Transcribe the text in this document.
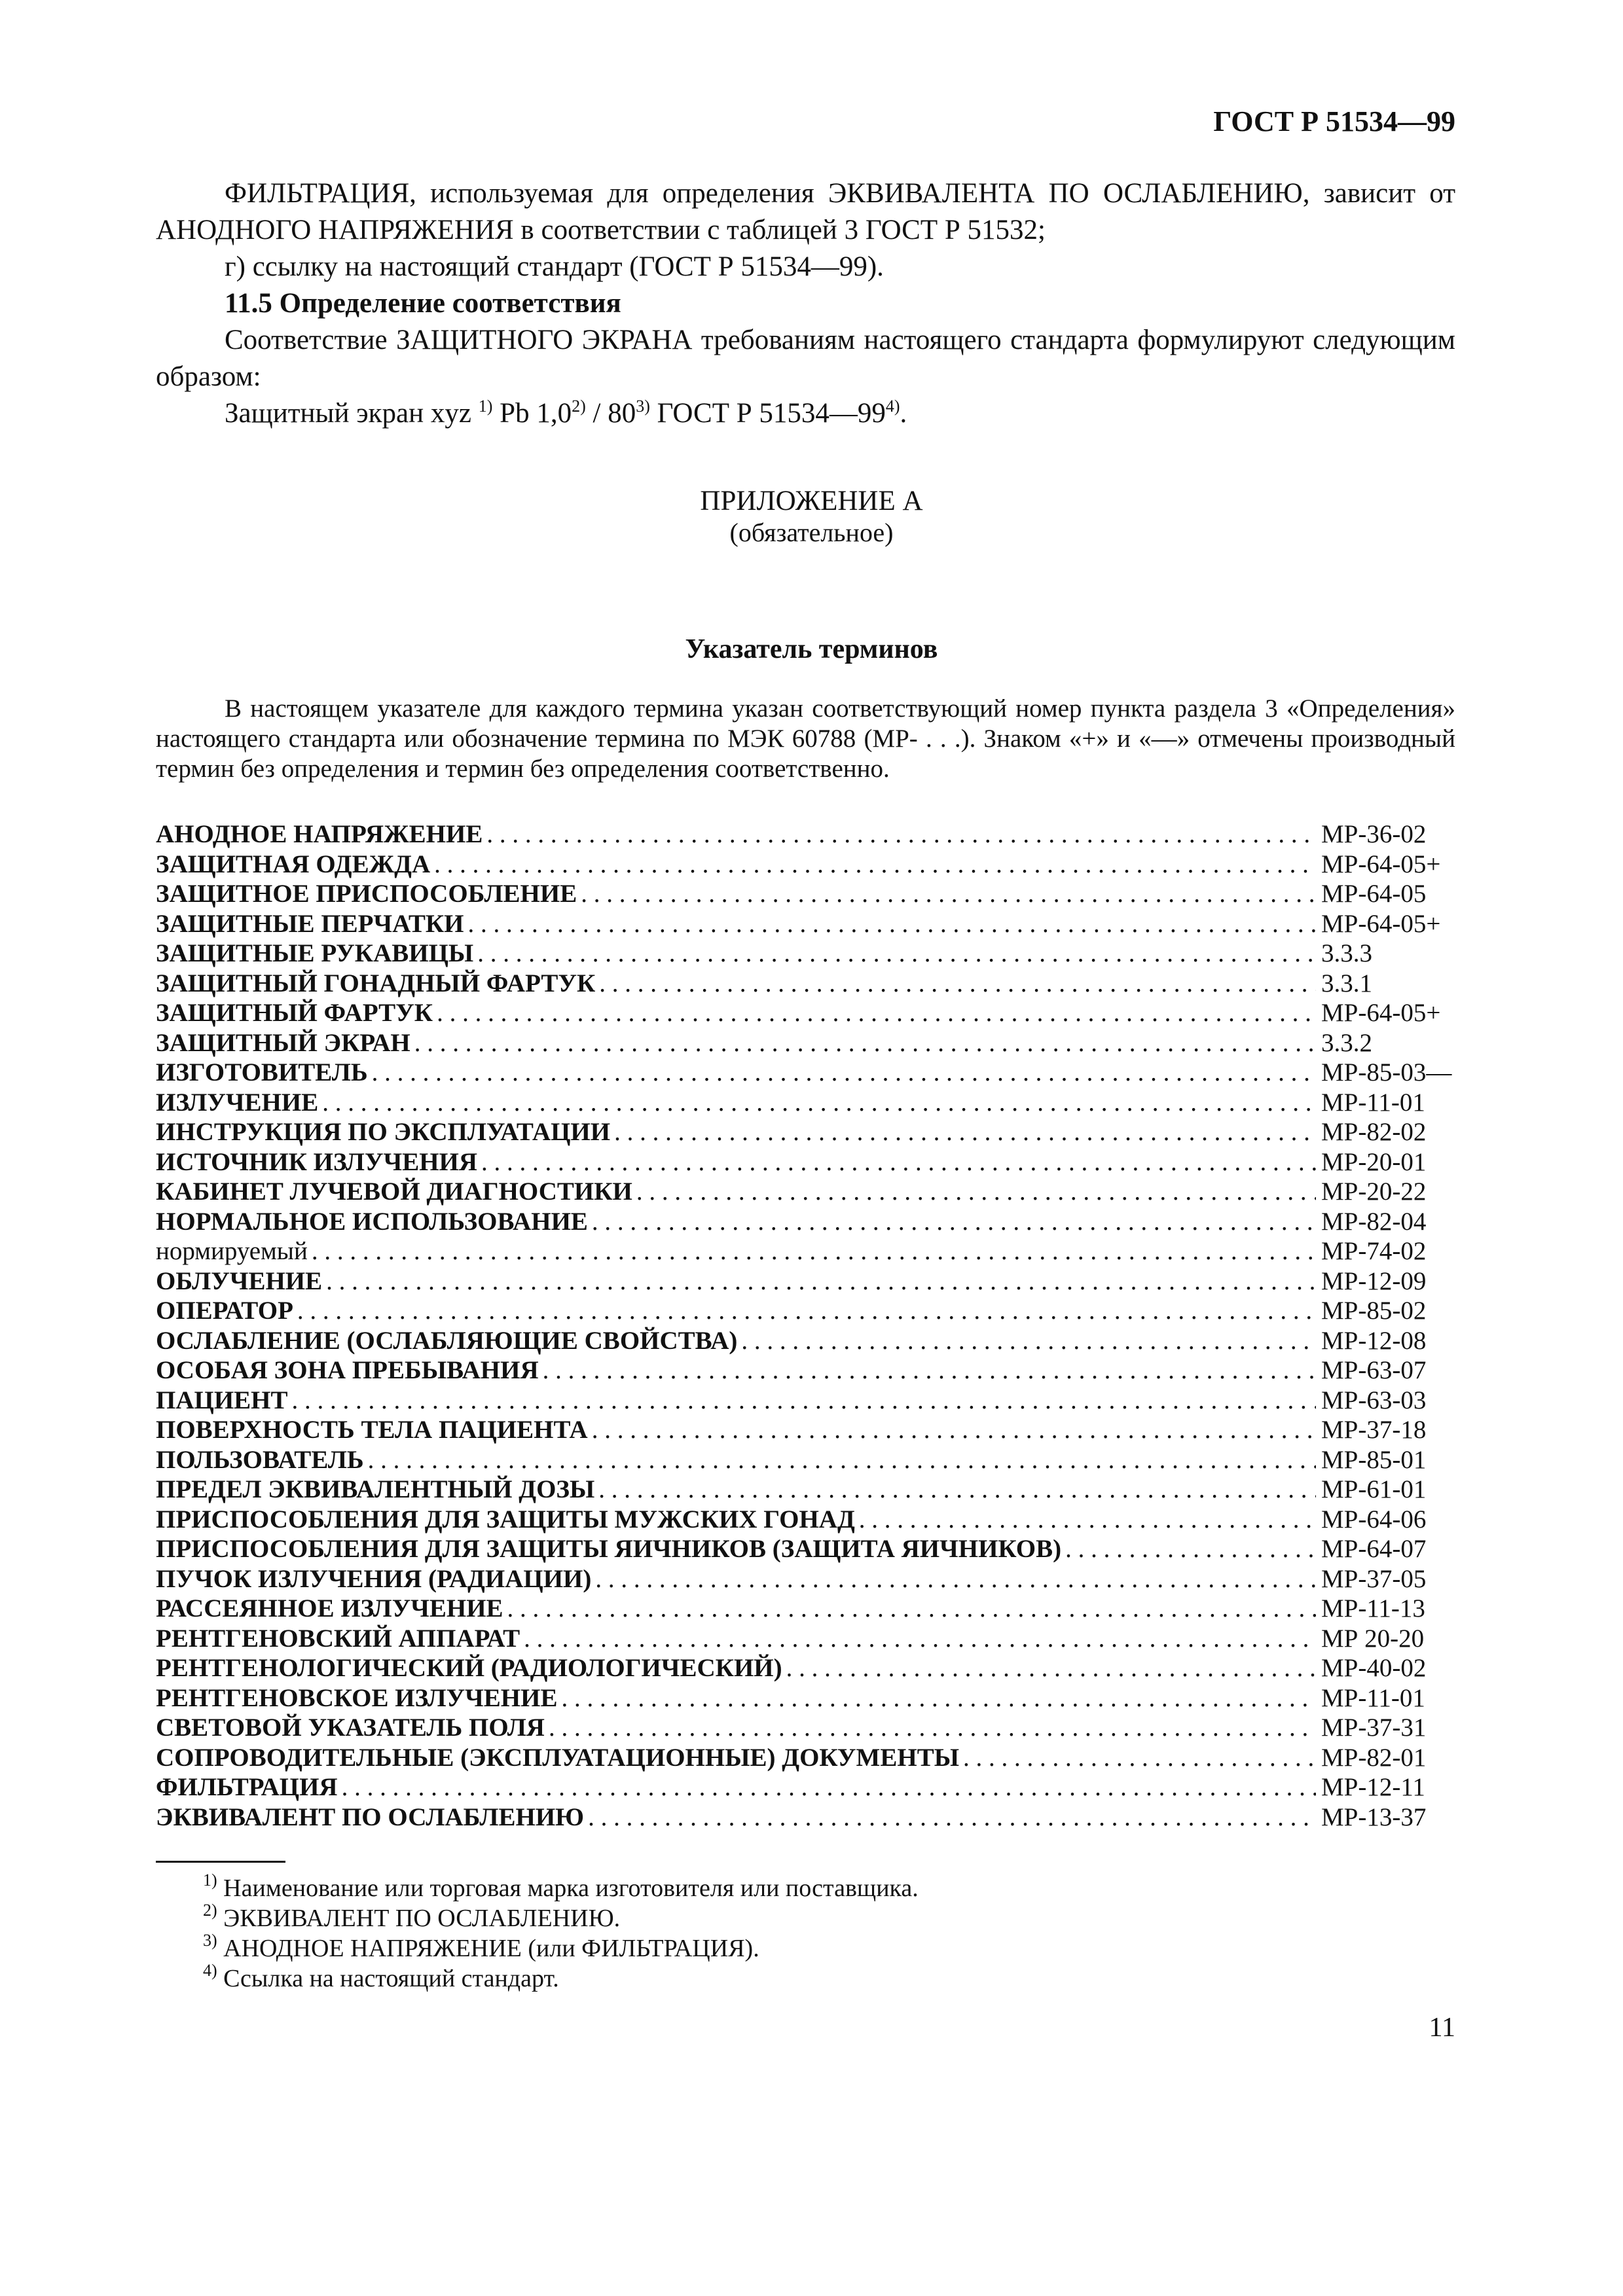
ГОСТ Р 51534—99

ФИЛЬТРАЦИЯ, используемая для определения ЭКВИВАЛЕНТА ПО ОСЛАБЛЕНИЮ, зависит от АНОДНОГО НАПРЯЖЕНИЯ в соответствии с таблицей 3 ГОСТ Р 51532;

г) ссылку на настоящий стандарт (ГОСТ Р 51534—99).

11.5 Определение соответствия

Соответствие ЗАЩИТНОГО ЭКРАНА требованиям настоящего стандарта формулируют следующим образом:

Защитный экран xyz $^{1)}$ Pb 1,0$^{2)}$ / 80$^{3)}$ ГОСТ Р 51534—99$^{4)}$.

ПРИЛОЖЕНИЕ А
(обязательное)
Указатель терминов

В настоящем указателе для каждого термина указан соответствующий номер пункта раздела 3 «Определения» настоящего стандарта или обозначение термина по МЭК 60788 (МР- . . .). Знаком «+» и «—» отмечены производный термин без определения и термин без определения соответственно.

АНОДНОЕ НАПРЯЖЕНИЕ . . .	МР-36-02
ЗАЩИТНАЯ ОДЕЖДА . . .	МР-64-05+
ЗАЩИТНОЕ ПРИСПОСОБЛЕНИЕ . . .	МР-64-05
ЗАЩИТНЫЕ ПЕРЧАТКИ . . .	МР-64-05+
ЗАЩИТНЫЕ РУКАВИЦЫ . . .	3.3.3
ЗАЩИТНЫЙ ГОНАДНЫЙ ФАРТУК . . .	3.3.1
ЗАЩИТНЫЙ ФАРТУК . . .	МР-64-05+
ЗАЩИТНЫЙ ЭКРАН . . .	3.3.2
ИЗГОТОВИТЕЛЬ . . .	МР-85-03—
ИЗЛУЧЕНИЕ . . .	МР-11-01
ИНСТРУКЦИЯ ПО ЭКСПЛУАТАЦИИ . . .	МР-82-02
ИСТОЧНИК ИЗЛУЧЕНИЯ . . .	МР-20-01
КАБИНЕТ ЛУЧЕВОЙ ДИАГНОСТИКИ . . .	МР-20-22
НОРМАЛЬНОЕ ИСПОЛЬЗОВАНИЕ . . .	МР-82-04
нормируемый . . .	МР-74-02
ОБЛУЧЕНИЕ . . .	МР-12-09
ОПЕРАТОР . . .	МР-85-02
ОСЛАБЛЕНИЕ (ОСЛАБЛЯЮЩИЕ СВОЙСТВА) . . .	МР-12-08
ОСОБАЯ ЗОНА ПРЕБЫВАНИЯ . . .	МР-63-07
ПАЦИЕНТ . . .	МР-63-03
ПОВЕРХНОСТЬ ТЕЛА ПАЦИЕНТА . . .	МР-37-18
ПОЛЬЗОВАТЕЛЬ . . .	МР-85-01
ПРЕДЕЛ ЭКВИВАЛЕНТНЫЙ ДОЗЫ . . .	МР-61-01
ПРИСПОСОБЛЕНИЯ ДЛЯ ЗАЩИТЫ МУЖСКИХ ГОНАД . . .	МР-64-06
ПРИСПОСОБЛЕНИЯ ДЛЯ ЗАЩИТЫ ЯИЧНИКОВ (ЗАЩИТА ЯИЧНИКОВ) . . .	МР-64-07
ПУЧОК ИЗЛУЧЕНИЯ (РАДИАЦИИ) . . .	МР-37-05
РАССЕЯННОЕ ИЗЛУЧЕНИЕ . . .	МР-11-13
РЕНТГЕНОВСКИЙ АППАРАТ . . .	МР 20-20
РЕНТГЕНОЛОГИЧЕСКИЙ (РАДИОЛОГИЧЕСКИЙ) . . .	МР-40-02
РЕНТГЕНОВСКОЕ ИЗЛУЧЕНИЕ . . .	МР-11-01
СВЕТОВОЙ УКАЗАТЕЛЬ ПОЛЯ . . .	МР-37-31
СОПРОВОДИТЕЛЬНЫЕ (ЭКСПЛУАТАЦИОННЫЕ) ДОКУМЕНТЫ . . .	МР-82-01
ФИЛЬТРАЦИЯ . . .	МР-12-11
ЭКВИВАЛЕНТ ПО ОСЛАБЛЕНИЮ . . .	МР-13-37
$^{1)}$ Наименование или торговая марка изготовителя или поставщика.
$^{2)}$ ЭКВИВАЛЕНТ ПО ОСЛАБЛЕНИЮ.
$^{3)}$ АНОДНОЕ НАПРЯЖЕНИЕ (или ФИЛЬТРАЦИЯ).
$^{4)}$ Ссылка на настоящий стандарт.
11
